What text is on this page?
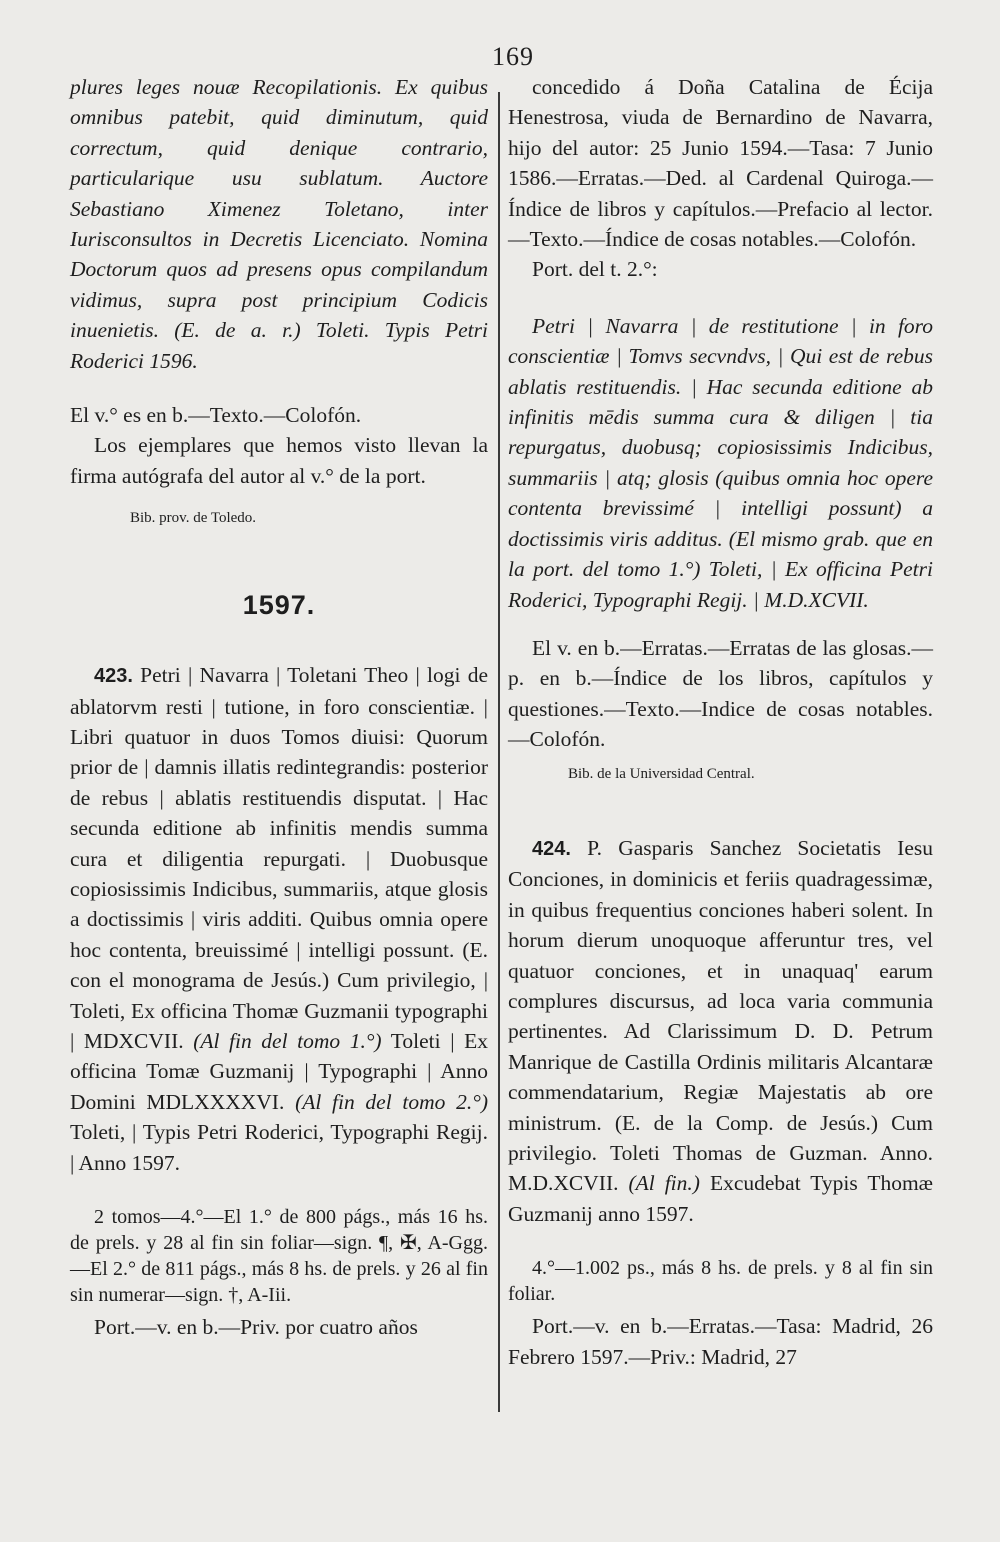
169

plures leges nouæ Recopilationis. Ex quibus omnibus patebit, quid diminutum, quid correctum, quid denique contrario, particularique usu sublatum. Auctore Sebastiano Ximenez Toletano, inter Iurisconsultos in Decretis Licenciato. Nomina Doctorum quos ad presens opus compilandum vidimus, supra post principium Codicis inuenietis. (E. de a. r.) Toleti. Typis Petri Roderici 1596.

El v.° es en b.—Texto.—Colofón.

Los ejemplares que hemos visto llevan la firma autógrafa del autor al v.° de la port.

Bib. prov. de Toledo.

1597.

423. Petri | Navarra | Toletani Theo | logi de ablatorvm resti | tutione, in foro conscientiæ. | Libri quatuor in duos Tomos diuisi: Quorum prior de | damnis illatis redintegrandis: posterior de rebus | ablatis restituendis disputat. | Hac secunda editione ab infinitis mendis summa cura et diligentia repurgati. | Duobusque copiosissimis Indicibus, summariis, atque glosis a doctissimis | viris additi. Quibus omnia opere hoc contenta, breuissimé | intelligi possunt. (E. con el monograma de Jesús.) Cum privilegio, | Toleti, Ex officina Thomæ Guzmanii typographi | MDXCVII. (Al fin del tomo 1.°) Toleti | Ex officina Tomæ Guzmanij | Typographi | Anno Domini MDLXXXXVI. (Al fin del tomo 2.°) Toleti, | Typis Petri Roderici, Typographi Regij. | Anno 1597.

2 tomos—4.°—El 1.° de 800 págs., más 16 hs. de prels. y 28 al fin sin foliar—sign. ¶, ✠, A-Ggg.—El 2.° de 811 págs., más 8 hs. de prels. y 26 al fin sin numerar—sign. †, A-Iii.

Port.—v. en b.—Priv. por cuatro años

concedido á Doña Catalina de Écija Henestrosa, viuda de Bernardino de Navarra, hijo del autor: 25 Junio 1594.—Tasa: 7 Junio 1586.—Erratas.—Ded. al Cardenal Quiroga.—Índice de libros y capítulos.—Prefacio al lector.—Texto.—Índice de cosas notables.—Colofón.

Port. del t. 2.°:

Petri | Navarra | de restitutione | in foro conscientiæ | Tomvs secvndvs, | Qui est de rebus ablatis restituendis. | Hac secunda editione ab infinitis mēdis summa cura & diligen | tia repurgatus, duobusq; copiosissimis Indicibus, summariis | atq; glosis (quibus omnia hoc opere contenta brevissimé | intelligi possunt) a doctissimis viris additus. (El mismo grab. que en la port. del tomo 1.°) Toleti, | Ex officina Petri Roderici, Typographi Regij. | M.D.XCVII.

El v. en b.—Erratas.—Erratas de las glosas.—p. en b.—Índice de los libros, capítulos y questiones.—Texto.—Indice de cosas notables.—Colofón.

Bib. de la Universidad Central.

424. P. Gasparis Sanchez Societatis Iesu Conciones, in dominicis et feriis quadragessimæ, in quibus frequentius conciones haberi solent. In horum dierum unoquoque afferuntur tres, vel quatuor conciones, et in unaquaq' earum complures discursus, ad loca varia communia pertinentes. Ad Clarissimum D. D. Petrum Manrique de Castilla Ordinis militaris Alcantaræ commendatarium, Regiæ Majestatis ab ore ministrum. (E. de la Comp. de Jesús.) Cum privilegio. Toleti Thomas de Guzman. Anno. M.D.XCVII. (Al fin.) Excudebat Typis Thomæ Guzmanij anno 1597.

4.°—1.002 ps., más 8 hs. de prels. y 8 al fin sin foliar.

Port.—v. en b.—Erratas.—Tasa: Madrid, 26 Febrero 1597.—Priv.: Madrid, 27
